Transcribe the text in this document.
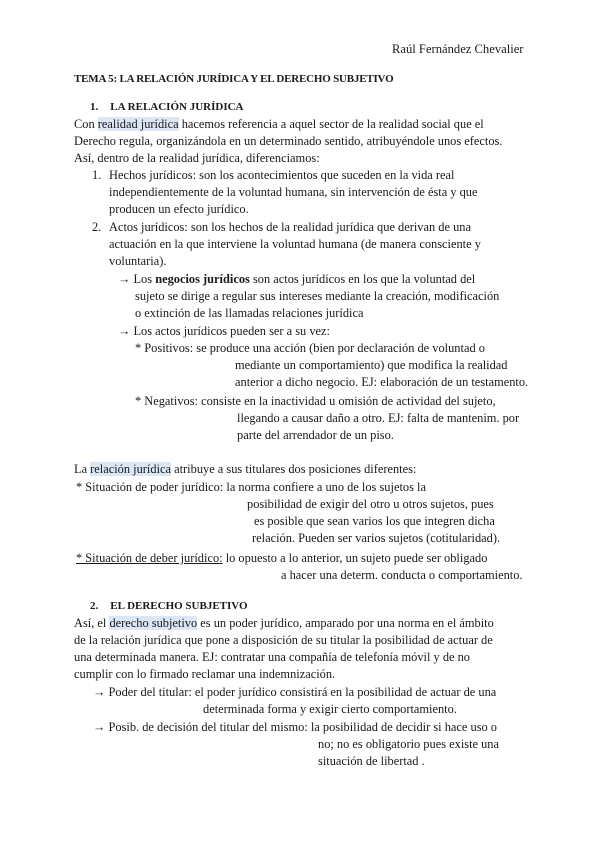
Raúl Fernández Chevalier
TEMA 5: LA RELACIÓN JURÍDICA Y EL DERECHO SUBJETIVO
1. LA RELACIÓN JURÍDICA
Con realidad jurídica hacemos referencia a aquel sector de la realidad social que el
Derecho regula, organizándola en un determinado sentido, atribuyéndole unos efectos.
Así, dentro de la realidad jurídica, diferenciamos:
1. Hechos jurídicos: son los acontecimientos que suceden en la vida real
independientemente de la voluntad humana, sin intervención de ésta y que
producen un efecto jurídico.
2. Actos jurídicos: son los hechos de la realidad jurídica que derivan de una
actuación en la que interviene la voluntad humana (de manera consciente y
voluntaria).
→ Los negocios jurídicos son actos jurídicos en los que la voluntad del
sujeto se dirige a regular sus intereses mediante la creación, modificación
o extinción de las llamadas relaciones jurídica
→ Los actos jurídicos pueden ser a su vez:
* Positivos: se produce una acción (bien por declaración de voluntad o
mediante un comportamiento) que modifica la realidad
anterior a dicho negocio. EJ: elaboración de un testamento.
* Negativos: consiste en la inactividad u omisión de actividad del sujeto,
llegando a causar daño a otro. EJ: falta de mantenim. por
parte del arrendador de un piso.
La relación jurídica atribuye a sus titulares dos posiciones diferentes:
* Situación de poder jurídico: la norma confiere a uno de los sujetos la
posibilidad de exigir del otro u otros sujetos, pues
es posible que sean varios los que integren dicha
relación. Pueden ser varios sujetos (cotitularidad).
* Situación de deber jurídico: lo opuesto a lo anterior, un sujeto puede ser obligado
a hacer una determ. conducta o comportamiento.
2. EL DERECHO SUBJETIVO
Así, el derecho subjetivo es un poder jurídico, amparado por una norma en el ámbito
de la relación jurídica que pone a disposición de su titular la posibilidad de actuar de
una determinada manera. EJ: contratar una compañía de telefonía móvil y de no
cumplir con lo firmado reclamar una indemnización.
→ Poder del titular: el poder jurídico consistirá en la posibilidad de actuar de una
determinada forma y exigir cierto comportamiento.
→ Posib. de decisión del titular del mismo: la posibilidad de decidir si hace uso o
no; no es obligatorio pues existe una
situación de libertad .
